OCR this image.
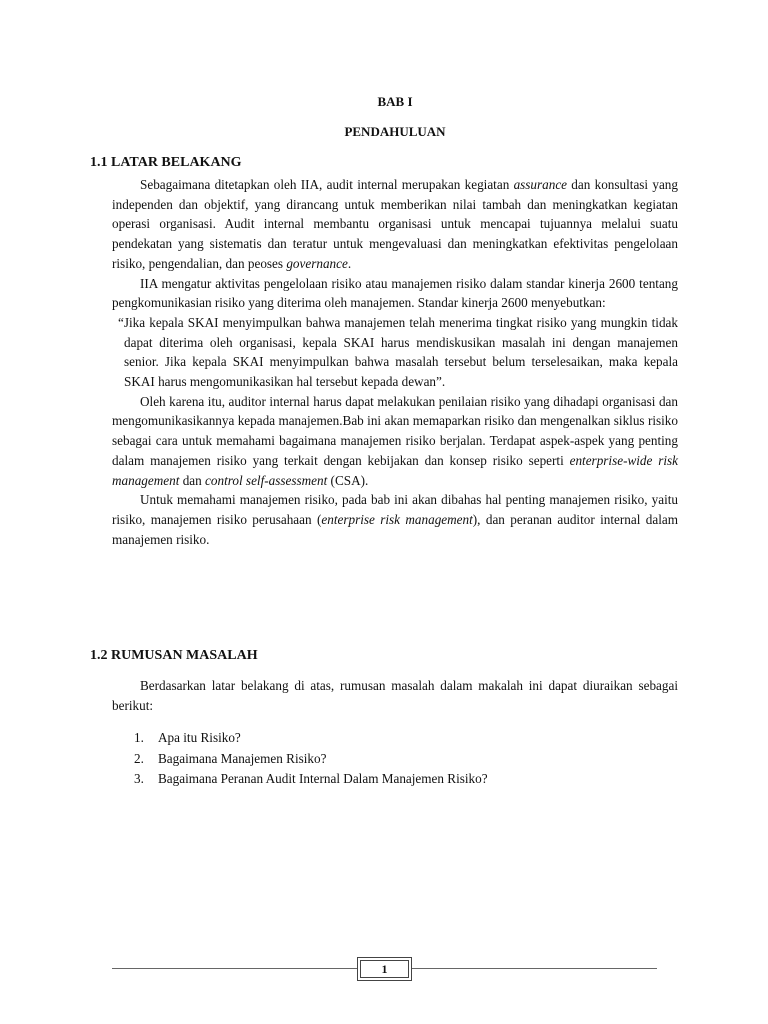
BAB I
PENDAHULUAN
1.1 LATAR BELAKANG

Sebagaimana ditetapkan oleh IIA, audit internal merupakan kegiatan assurance dan konsultasi yang independen dan objektif, yang dirancang untuk memberikan nilai tambah dan meningkatkan kegiatan operasi organisasi. Audit internal membantu organisasi untuk mencapai tujuannya melalui suatu pendekatan yang sistematis dan teratur untuk mengevaluasi dan meningkatkan efektivitas pengelolaan risiko, pengendalian, dan peoses governance.

IIA mengatur aktivitas pengelolaan risiko atau manajemen risiko dalam standar kinerja 2600 tentang pengkomunikasian risiko yang diterima oleh manajemen. Standar kinerja 2600 menyebutkan:

“Jika kepala SKAI menyimpulkan bahwa manajemen telah menerima tingkat risiko yang mungkin tidak dapat diterima oleh organisasi, kepala SKAI harus mendiskusikan masalah ini dengan manajemen senior. Jika kepala SKAI menyimpulkan bahwa masalah tersebut belum terselesaikan, maka kepala SKAI harus mengomunikasikan hal tersebut kepada dewan”.

Oleh karena itu, auditor internal harus dapat melakukan penilaian risiko yang dihadapi organisasi dan mengomunikasikannya kepada manajemen.Bab ini akan memaparkan risiko dan mengenalkan siklus risiko sebagai cara untuk memahami bagaimana manajemen risiko berjalan. Terdapat aspek-aspek yang penting dalam manajemen risiko yang terkait dengan kebijakan dan konsep risiko seperti enterprise-wide risk management dan control self-assessment (CSA).

Untuk memahami manajemen risiko, pada bab ini akan dibahas hal penting manajemen risiko, yaitu risiko, manajemen risiko perusahaan (enterprise risk management), dan peranan auditor internal dalam manajemen risiko.

1.2 RUMUSAN MASALAH

Berdasarkan latar belakang di atas, rumusan masalah dalam makalah ini dapat diuraikan sebagai berikut:

1. Apa itu Risiko?
2. Bagaimana Manajemen Risiko?
3. Bagaimana Peranan Audit Internal Dalam Manajemen Risiko?
1
